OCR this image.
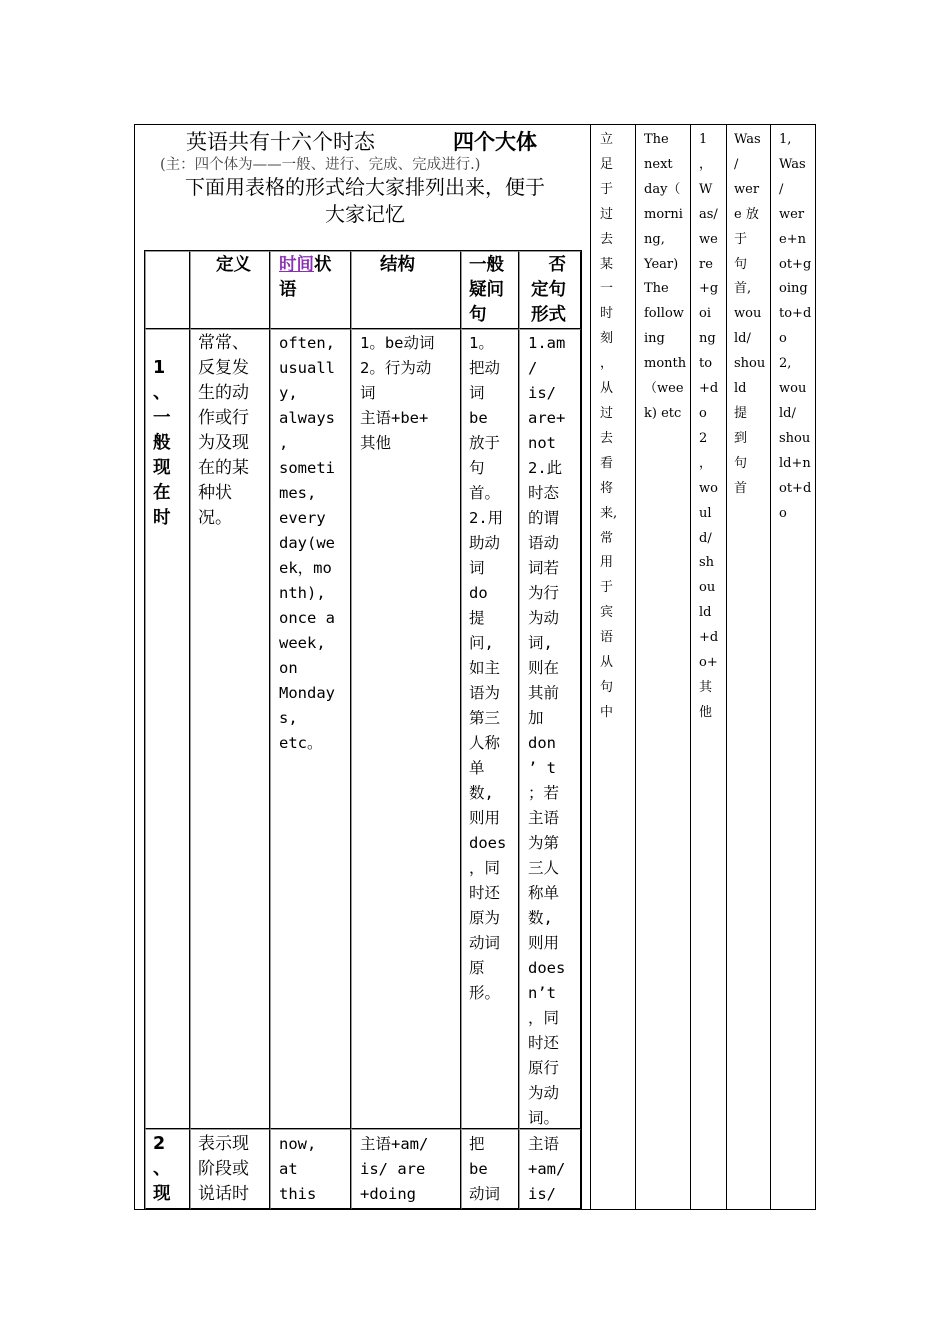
英语共有十六个时态	四个大体
(主：四个体为——一般、进行、完成、完成进行.)
下面用表格的形式给大家排列出来，便于
大家记忆
定义 时间状
语
结构	一般
疑问
句
否
定句
形式
1
、
一
般
现
在
时
常常、
反复发
生的动
作或行
为及现
在的某
种状
况。
often,
usuall
y,
always
,
someti
mes,
every
day(we
ek，mo
nth),
once a
week,
on
Monday
s,
etc。
1。be动词
2。行为动
词
主语+be+
其他
1。
把动
词
be
放于
句
首。
2.用
助动
词
do
提
问,
如主
语为
第三
人称
单
数,
则用
does
，同
时还
原为
动词
原
形。
1.am
/
is/
are+
not
2.此
时态
的谓
语动
词若
为行
为动
词,
则在
其前
加
don
’ t
；若
主语
为第
三人
称单
数,
则用
does
n’t
，同
时还
原行
为动
词。
2
、
现
表示现
阶段或
说话时
now,
at
this
主语+am/
is/ are
+doing
把
be
动词
主语
+am/
is/
立
足
于
过
去
某
一
时
刻
，
从
过
去
看
将
来,
常
用
于
宾
语
从
句
中
The
next
day（
morni
ng,
Year)
The
follow
ing
month
（wee
k) etc
1
，
W
as/
we
re
+g
oi
ng
to
+d
o
2
，
wo
ul
d/
sh
ou
ld
+d
o+
其
他
Was
/
wer
e 放
于
句
首,
wou
ld/
shou
ld
提
到
句
首
1,
Was
/
wer
e+n
ot+g
oing
to+d
o
2,
wou
ld/
shou
ld+n
ot+d
o
